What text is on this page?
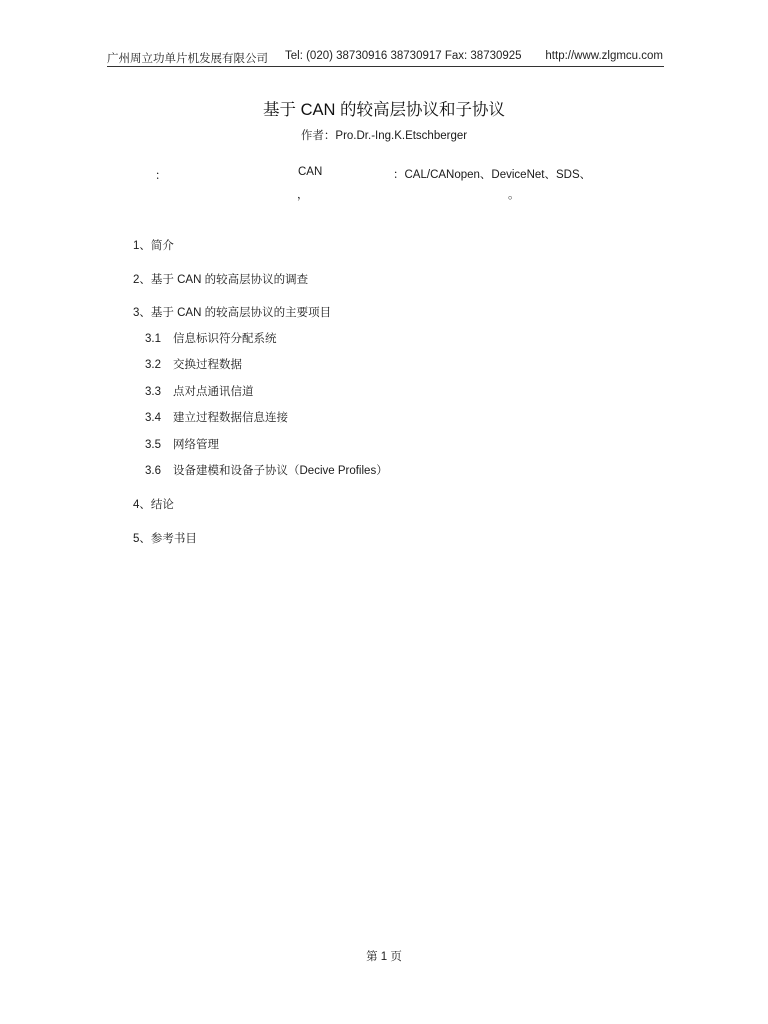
广州周立功单片机发展有限公司 Tel: (020) 38730916 38730917 Fax: 38730925 http://www.zlgmcu.com
基于 CAN 的较高层协议和子协议
作者：Pro.Dr.-Ing.K.Etschberger
：	CAN	：CAL/CANopen、DeviceNet、SDS、
，	。
1、简介
2、基于 CAN 的较高层协议的调查
3、基于 CAN 的较高层协议的主要项目
3.1 信息标识符分配系统
3.2 交换过程数据
3.3 点对点通讯信道
3.4 建立过程数据信息连接
3.5 网络管理
3.6 设备建模和设备子协议（Decive Profiles）
4、结论
5、参考书目
第 1 页
